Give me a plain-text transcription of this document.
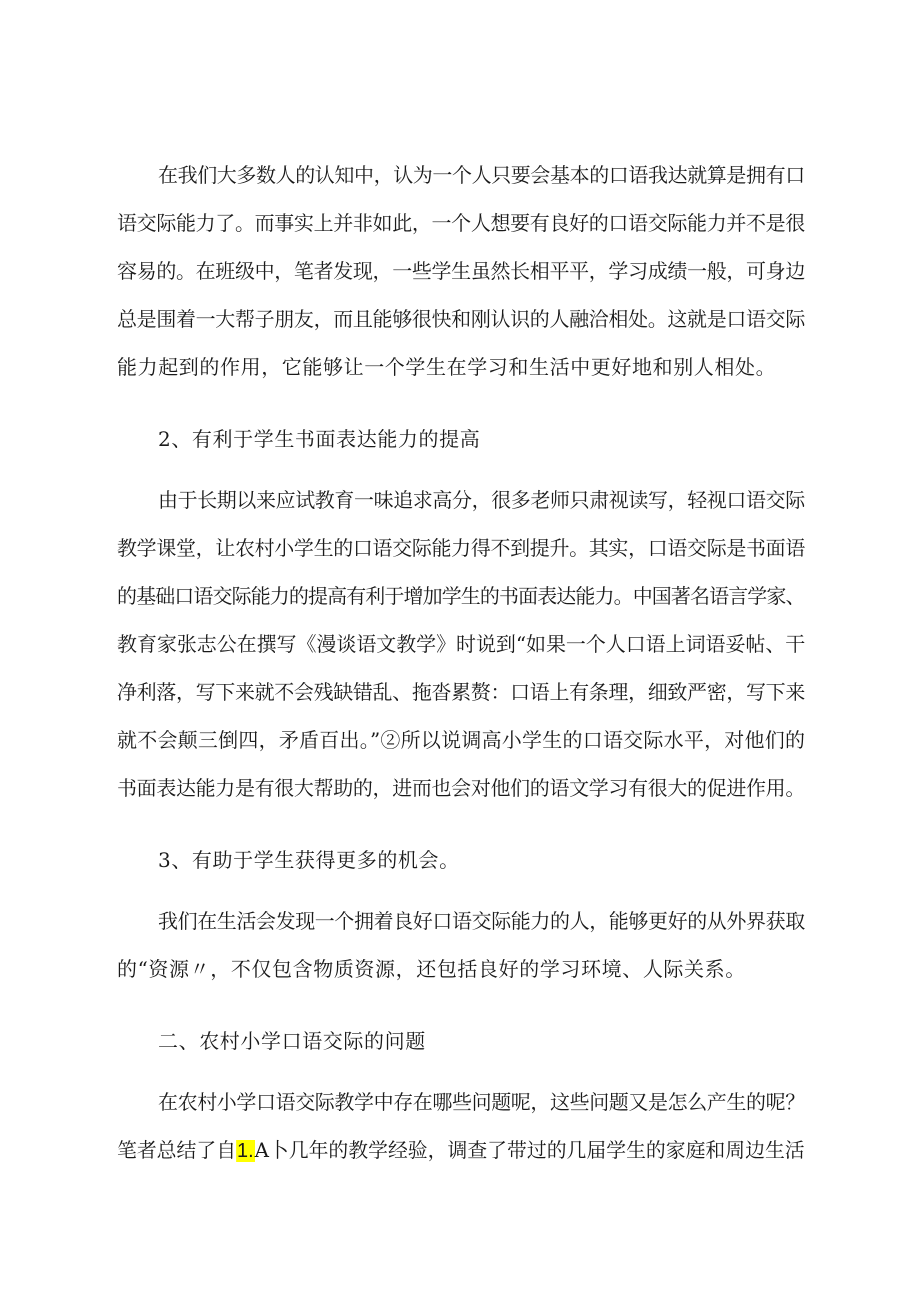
在我们大多数人的认知中，认为一个人只要会基本的口语我达就算是拥有口
语交际能力了。而事实上并非如此，一个人想要有良好的口语交际能力并不是很
容易的。在班级中，笔者发现，一些学生虽然长相平平，学习成绩一般，可身边
总是围着一大帮子朋友，而且能够很快和刚认识的人融洽相处。这就是口语交际
能力起到的作用，它能够让一个学生在学习和生活中更好地和别人相处。
2、有利于学生书面表达能力的提高
由于长期以来应试教育一味追求高分，很多老师只肃视读写，轻视口语交际
教学课堂，让农村小学生的口语交际能力得不到提升。其实，口语交际是书面语
的基础口语交际能力的提高有利于增加学生的书面表达能力。中国著名语言学家、
教育家张志公在撰写《漫谈语文教学》时说到“如果一个人口语上词语妥帖、干
净利落，写下来就不会残缺错乱、拖沓累赘：口语上有条理，细致严密，写下来
就不会颠三倒四，矛盾百出。”②所以说调高小学生的口语交际水平，对他们的
书面表达能力是有很大帮助的，进而也会对他们的语文学习有很大的促进作用。
3、有助于学生获得更多的机会。
我们在生活会发现一个拥着良好口语交际能力的人，能够更好的从外界获取
的“资源〃，不仅包含物质资源，还包括良好的学习环境、人际关系。
二、农村小学口语交际的问题
在农村小学口语交际教学中存在哪些问题呢，这些问题又是怎么产生的呢？
笔者总结了自1.A卜几年的教学经验，调查了带过的几届学生的家庭和周边生活
